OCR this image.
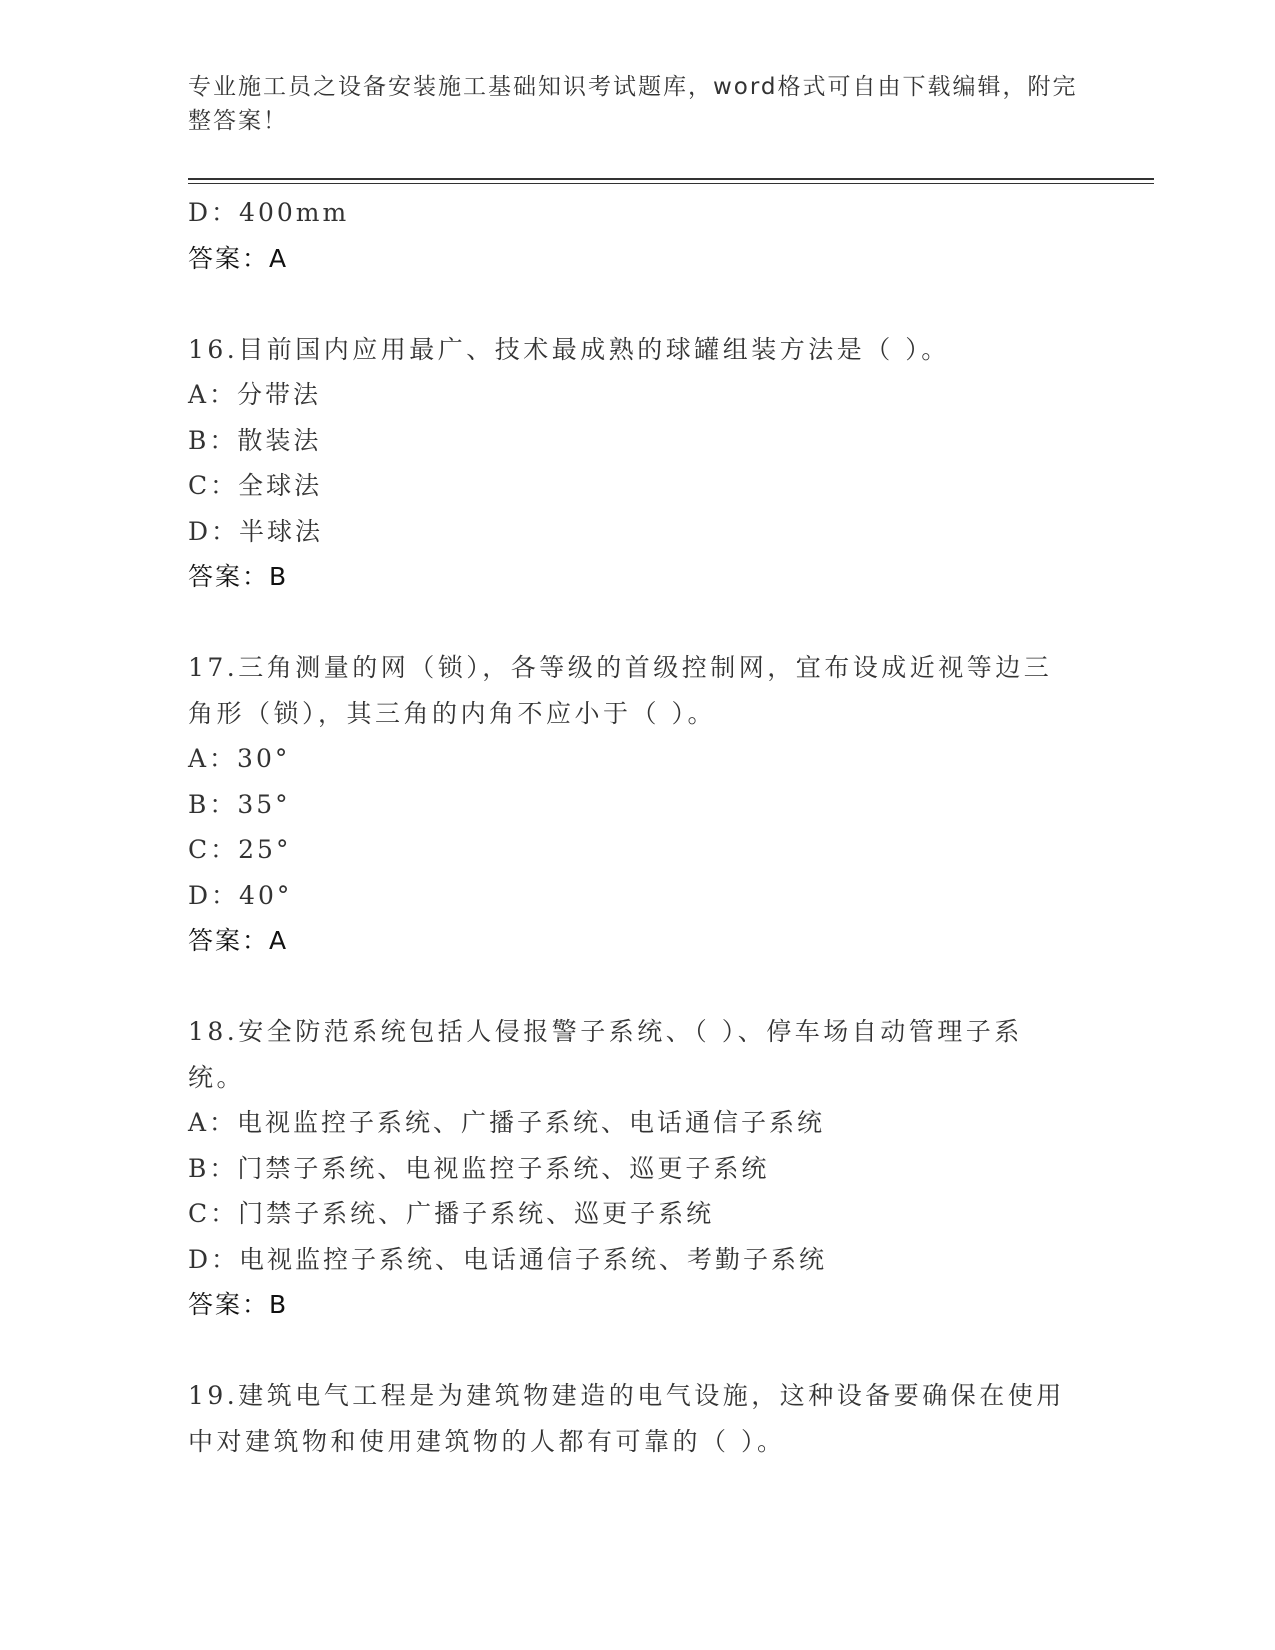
专业施工员之设备安装施工基础知识考试题库，word格式可自由下载编辑，附完
整答案！
D：400mm
答案：A
16.目前国内应用最广、技术最成熟的球罐组装方法是（ ）。
A：分带法
B：散装法
C：全球法
D：半球法
答案：B
17.三角测量的网（锁），各等级的首级控制网，宜布设成近视等边三
角形（锁），其三角的内角不应小于（ ）。
A：30°
B：35°
C：25°
D：40°
答案：A
18.安全防范系统包括人侵报警子系统、（ ）、停车场自动管理子系
统。
A：电视监控子系统、广播子系统、电话通信子系统
B：门禁子系统、电视监控子系统、巡更子系统
C：门禁子系统、广播子系统、巡更子系统
D：电视监控子系统、电话通信子系统、考勤子系统
答案：B
19.建筑电气工程是为建筑物建造的电气设施，这种设备要确保在使用
中对建筑物和使用建筑物的人都有可靠的（ ）。
